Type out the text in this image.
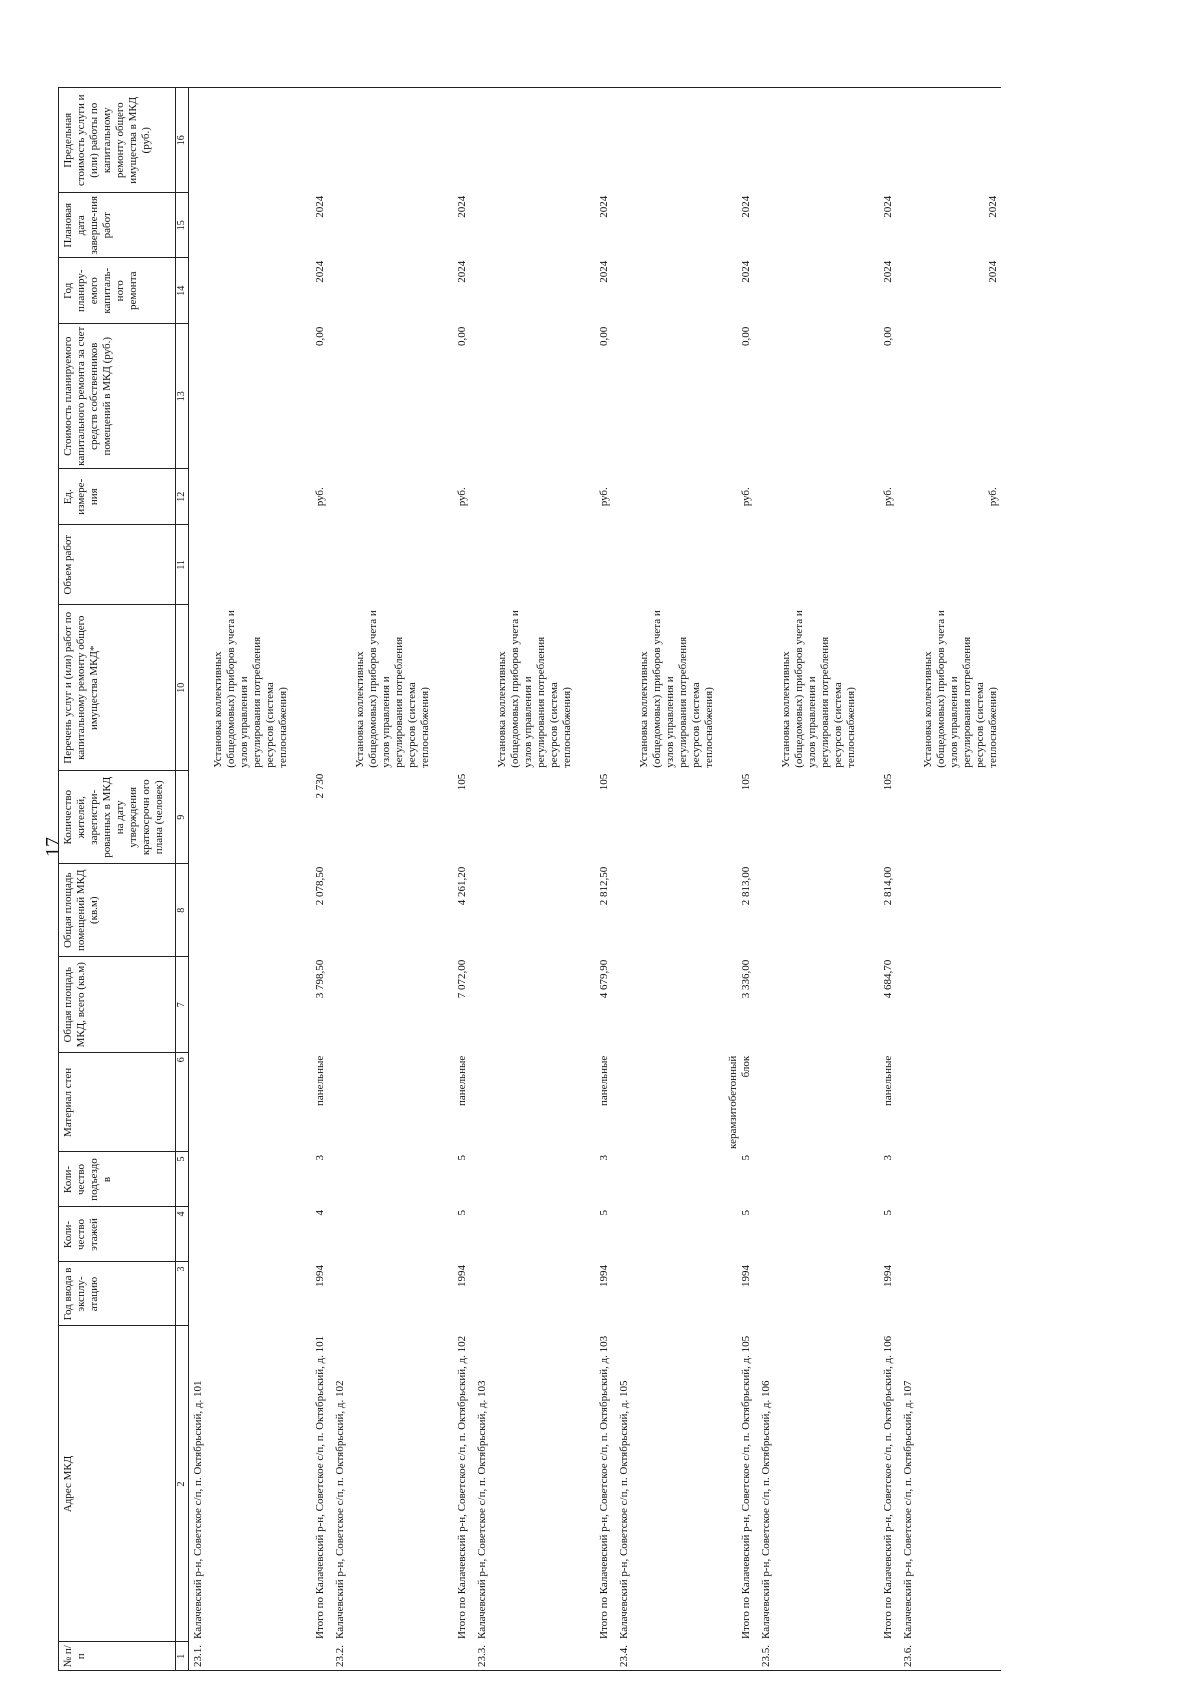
17
№ п/п	Адрес МКД	Год ввода в эксплу-атацию	Коли-чество этажей	Коли-чество подъездо в	Материал стен	Общая площадь МКД, всего (кв.м)	Общая площадь помещений МКД (кв.м)	Количество жителей, зарегистри-рованных в МКД на дату утверждения краткосрочн ого плана (человек)	Перечень услуг и (или) работ по капитальному ремонту общего имущества МКД*	Объем работ	Ед. измере-ния	Стоимость планируемого капитального ремонта за счет средств собственников помещений в МКД (руб.)	Год планиру-емого капиталь-ного ремонта	Плановая дата заверше-ния работ	Предельная стоимость услуги и (или) работы по капитальному ремонту общего имущества в МКД (руб.)
1	2	3	4	5	6	7	8	9	10	11	12	13	14	15	16
23.1.	Калачевский р-н, Советское с/п, п. Октябрьский, д. 101								Установка коллективных (общедомовых) приборов учета и узлов управления и регулирования потребления ресурсов (система теплоснабжения)						
	Итого по Калачевский р-н, Советское с/п, п. Октябрьский, д. 101	1994	4	3	панельные	3 798,50	2 078,50	2 730			руб.	0,00	2024	2024	
23.2.	Калачевский р-н, Советское с/п, п. Октябрьский, д. 102								Установка коллективных (общедомовых) приборов учета и узлов управления и регулирования потребления ресурсов (система теплоснабжения)						
	Итого по Калачевский р-н, Советское с/п, п. Октябрьский, д. 102	1994	5	5	панельные	7 072,00	4 261,20	105			руб.	0,00	2024	2024	
23.3.	Калачевский р-н, Советское с/п, п. Октябрьский, д. 103								Установка коллективных (общедомовых) приборов учета и узлов управления и регулирования потребления ресурсов (система теплоснабжения)						
	Итого по Калачевский р-н, Советское с/п, п. Октябрьский, д. 103	1994	5	3	панельные	4 679,90	2 812,50	105			руб.	0,00	2024	2024	
23.4.	Калачевский р-н, Советское с/п, п. Октябрьский, д. 105								Установка коллективных (общедомовых) приборов учета и узлов управления и регулирования потребления ресурсов (система теплоснабжения)						
	Итого по Калачевский р-н, Советское с/п, п. Октябрьский, д. 105	1994	5	5	керамзитобетонный блок	3 336,00	2 813,00	105			руб.	0,00	2024	2024	
23.5.	Калачевский р-н, Советское с/п, п. Октябрьский, д. 106								Установка коллективных (общедомовых) приборов учета и узлов управления и регулирования потребления ресурсов (система теплоснабжения)						
	Итого по Калачевский р-н, Советское с/п, п. Октябрьский, д. 106	1994	5	3	панельные	4 684,70	2 814,00	105			руб.	0,00	2024	2024	
23.6.	Калачевский р-н, Советское с/п, п. Октябрьский, д. 107								Установка коллективных (общедомовых) приборов учета и узлов управления и регулирования потребления ресурсов (система теплоснабжения)		руб.		2024	2024	
